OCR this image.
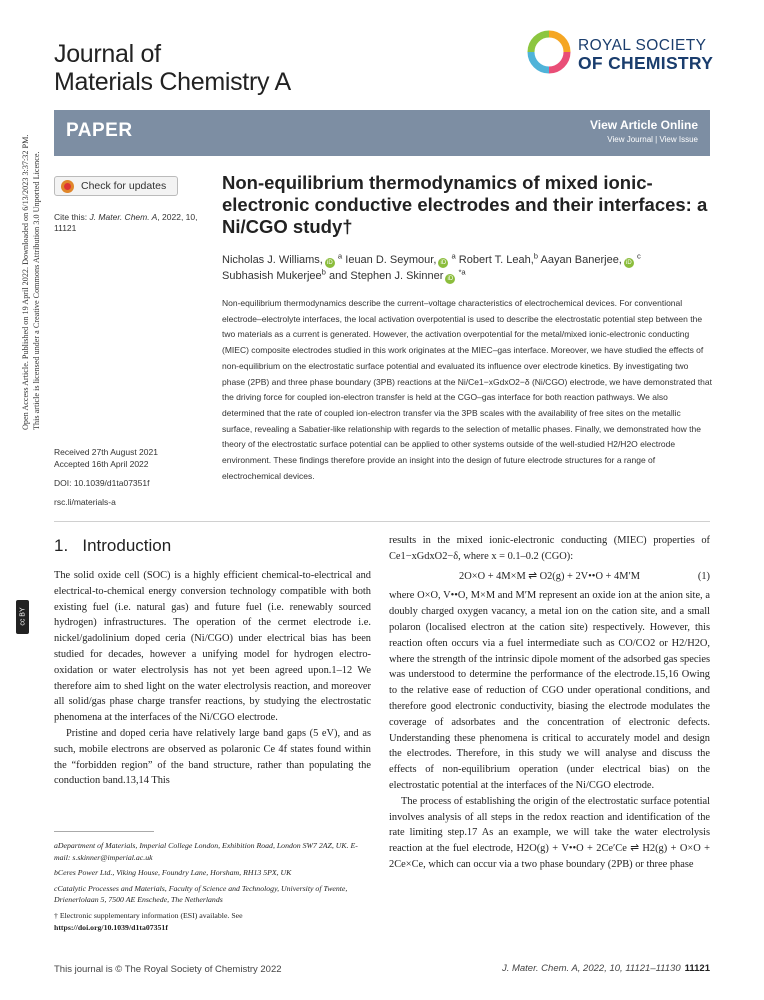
Journal of
Materials Chemistry A
ROYAL SOCIETY
OF CHEMISTRY
PAPER	View Article Online
View Journal | View Issue
Open Access Article. Published on 19 April 2022. Downloaded on 6/13/2023 3:37:32 PM. This article is licensed under a Creative Commons Attribution 3.0 Unported Licence.
cc BY
Check for updates
Cite this: J. Mater. Chem. A, 2022, 10, 11121
Received 27th August 2021
Accepted 16th April 2022
DOI: 10.1039/d1ta07351f
rsc.li/materials-a
Non-equilibrium thermodynamics of mixed ionic-electronic conductive electrodes and their interfaces: a Ni/CGO study†
Nicholas J. Williams, iD $^a$ Ieuan D. Seymour, iD $^a$ Robert T. Leah,$^b$ Aayan Banerjee, iD $^c$
Subhasish Mukerjee$^b$ and Stephen J. Skinner iD $^{*a}$

Non-equilibrium thermodynamics describe the current–voltage characteristics of electrochemical devices. For conventional electrode–electrolyte interfaces, the local activation overpotential is used to describe the electrostatic potential step between the two materials as a current is generated. However, the activation overpotential for the metal/mixed ionic-electronic conducting (MIEC) composite electrodes studied in this work originates at the MIEC–gas interface. Moreover, we have studied the effects of non-equilibrium on the electrostatic surface potential and evaluated its influence over electrode kinetics. By investigating two phase (2PB) and three phase boundary (3PB) reactions at the Ni/Ce1−xGdxO2−δ (Ni/CGO) electrode, we have demonstrated that the driving force for coupled ion-electron transfer is held at the CGO–gas interface for both reaction pathways. We also determined that the rate of coupled ion-electron transfer via the 3PB scales with the availability of free sites on the metallic surface, revealing a Sabatier-like relationship with regards to the selection of metallic phases. Finally, we demonstrated how the theory of the electrostatic surface potential can be applied to other systems outside of the well-studied H2/H2O electrode environment. These findings therefore provide an insight into the design of future electrode structures for a range of electrochemical devices.

1. Introduction

The solid oxide cell (SOC) is a highly efficient chemical-to-electrical and electrical-to-chemical energy conversion technology compatible with both existing fuel (i.e. natural gas) and future fuel (i.e. renewably sourced hydrogen) infrastructures. The operation of the cermet electrode i.e. nickel/gadolinium doped ceria (Ni/CGO) under electrical bias has been studied for decades, however a unifying model for hydrogen electro-oxidation or water electrolysis has not yet been agreed upon.1–12 We therefore aim to shed light on the water electrolysis reaction, and moreover all solid/gas phase charge transfer reactions, by studying the electrostatic phenomena at the interfaces of the Ni/CGO electrode.

Pristine and doped ceria have relatively large band gaps (5 eV), and as such, mobile electrons are observed as polaronic Ce 4f states found within the “forbidden region” of the band structure, rather than populating the conduction band.13,14 This

aDepartment of Materials, Imperial College London, Exhibition Road, London SW7 2AZ, UK. E-mail: s.skinner@imperial.ac.uk

bCeres Power Ltd., Viking House, Foundry Lane, Horsham, RH13 5PX, UK

cCatalytic Processes and Materials, Faculty of Science and Technology, University of Twente, Drienerlolaan 5, 7500 AE Enschede, The Netherlands

† Electronic supplementary information (ESI) available. See
https://doi.org/10.1039/d1ta07351f

results in the mixed ionic-electronic conducting (MIEC) properties of Ce1−xGdxO2−δ, where x = 0.1–0.2 (CGO):

2O×O + 4M×M ⇌ O2(g) + 2V••O + 4M′M	(1)

where O×O, V••O, M×M and M′M represent an oxide ion at the anion site, a doubly charged oxygen vacancy, a metal ion on the cation site, and a small polaron (localised electron at the cation site) respectively. However, this reaction often occurs via a fuel intermediate such as CO/CO2 or H2/H2O, where the strength of the intrinsic dipole moment of the adsorbed gas species was understood to determine the performance of the electrode.15,16 Owing to the relative ease of reduction of CGO under operational conditions, and therefore good electronic conductivity, biasing the electrode modulates the coverage of adsorbates and the concentration of electronic defects. Understanding these phenomena is critical to accurately model and design the electrodes. Therefore, in this study we will analyse and discuss the effects of non-equilibrium operation (under electrical bias) on the electrostatic potential at the interfaces of the Ni/CGO electrode.

The process of establishing the origin of the electrostatic surface potential involves analysis of all steps in the redox reaction and identification of the rate limiting step.17 As an example, we will take the water electrolysis reaction at the fuel electrode, H2O(g) + V••O + 2Ce′Ce ⇌ H2(g) + O×O + 2Ce×Ce, which can occur via a two phase boundary (2PB) or three phase

This journal is © The Royal Society of Chemistry 2022	J. Mater. Chem. A, 2022, 10, 11121–11130 11121
